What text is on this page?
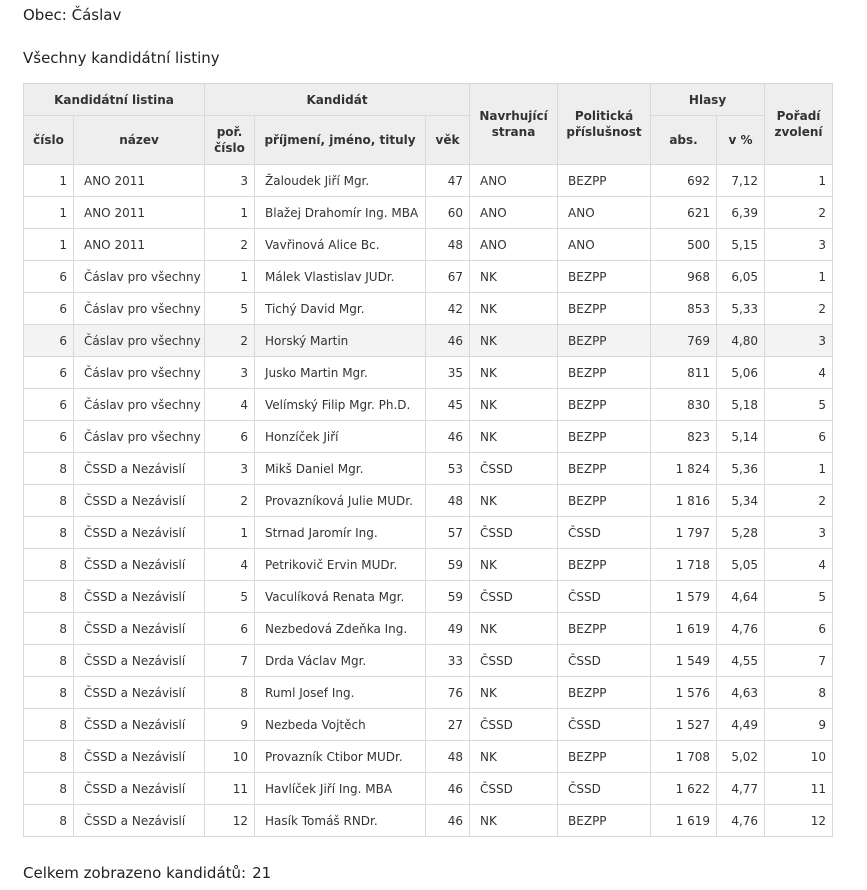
Obec: Čáslav
Všechny kandidátní listiny
Kandidátní listina		Kandidát			Navrhující strana	Politická příslušnost	Hlasy		Pořadí zvolení
číslo	název	poř. číslo	příjmení, jméno, tituly	věk			abs.	v %	
1	ANO 2011	3	Žaloudek Jiří Mgr.	47	ANO	BEZPP	692	7,12	1
1	ANO 2011	1	Blažej Drahomír Ing. MBA	60	ANO	ANO	621	6,39	2
1	ANO 2011	2	Vavřinová Alice Bc.	48	ANO	ANO	500	5,15	3
6	Čáslav pro všechny	1	Málek Vlastislav JUDr.	67	NK	BEZPP	968	6,05	1
6	Čáslav pro všechny	5	Tichý David Mgr.	42	NK	BEZPP	853	5,33	2
6	Čáslav pro všechny	2	Horský Martin	46	NK	BEZPP	769	4,80	3
6	Čáslav pro všechny	3	Jusko Martin Mgr.	35	NK	BEZPP	811	5,06	4
6	Čáslav pro všechny	4	Velímský Filip Mgr. Ph.D.	45	NK	BEZPP	830	5,18	5
6	Čáslav pro všechny	6	Honzíček Jiří	46	NK	BEZPP	823	5,14	6
8	ČSSD a Nezávislí	3	Mikš Daniel Mgr.	53	ČSSD	BEZPP	1 824	5,36	1
8	ČSSD a Nezávislí	2	Provazníková Julie MUDr.	48	NK	BEZPP	1 816	5,34	2
8	ČSSD a Nezávislí	1	Strnad Jaromír Ing.	57	ČSSD	ČSSD	1 797	5,28	3
8	ČSSD a Nezávislí	4	Petrikovič Ervin MUDr.	59	NK	BEZPP	1 718	5,05	4
8	ČSSD a Nezávislí	5	Vaculíková Renata Mgr.	59	ČSSD	ČSSD	1 579	4,64	5
8	ČSSD a Nezávislí	6	Nezbedová Zdeňka Ing.	49	NK	BEZPP	1 619	4,76	6
8	ČSSD a Nezávislí	7	Drda Václav Mgr.	33	ČSSD	ČSSD	1 549	4,55	7
8	ČSSD a Nezávislí	8	Ruml Josef Ing.	76	NK	BEZPP	1 576	4,63	8
8	ČSSD a Nezávislí	9	Nezbeda Vojtěch	27	ČSSD	ČSSD	1 527	4,49	9
8	ČSSD a Nezávislí	10	Provazník Ctibor MUDr.	48	NK	BEZPP	1 708	5,02	10
8	ČSSD a Nezávislí	11	Havlíček Jiří Ing. MBA	46	ČSSD	ČSSD	1 622	4,77	11
8	ČSSD a Nezávislí	12	Hasík Tomáš RNDr.	46	NK	BEZPP	1 619	4,76	12
Celkem zobrazeno kandidátů: 21
